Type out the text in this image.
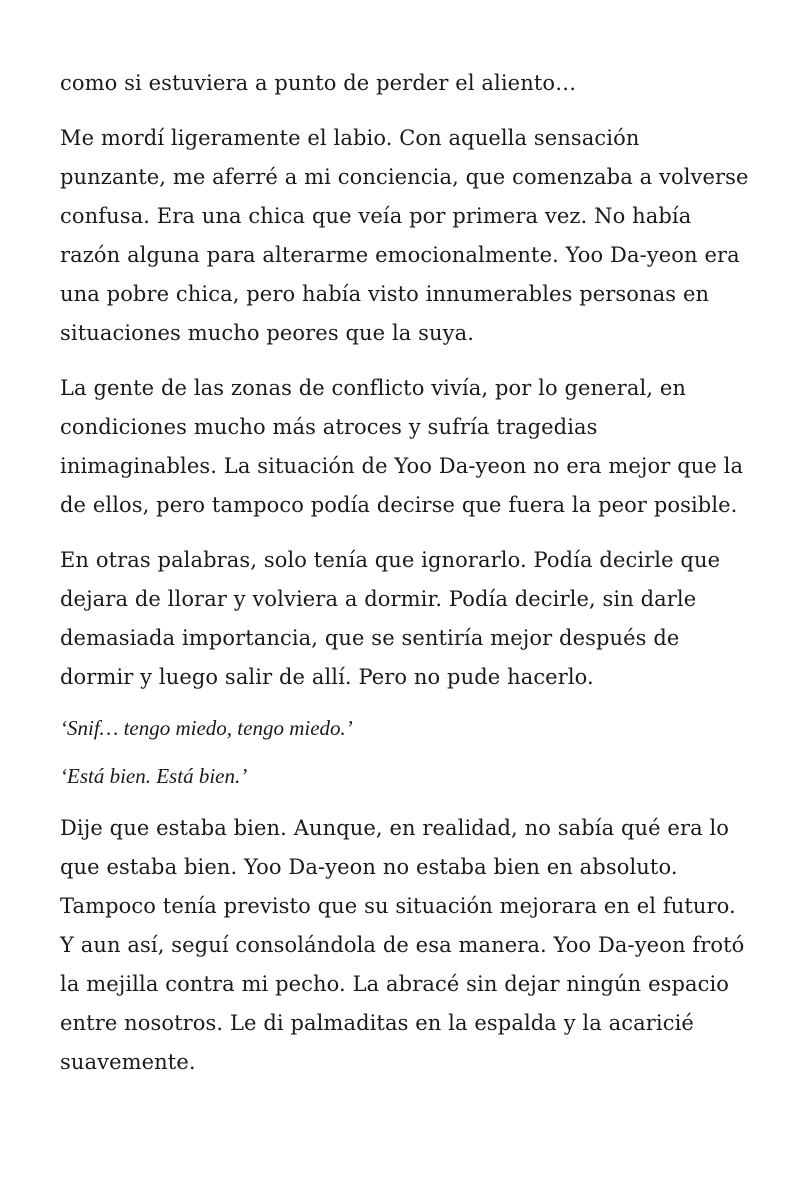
como si estuviera a punto de perder el aliento…

Me mordí ligeramente el labio. Con aquella sensación punzante, me aferré a mi conciencia, que comenzaba a volverse confusa. Era una chica que veía por primera vez. No había razón alguna para alterarme emocionalmente. Yoo Da-yeon era una pobre chica, pero había visto innumerables personas en situaciones mucho peores que la suya.

La gente de las zonas de conflicto vivía, por lo general, en condiciones mucho más atroces y sufría tragedias inimaginables. La situación de Yoo Da-yeon no era mejor que la de ellos, pero tampoco podía decirse que fuera la peor posible.

En otras palabras, solo tenía que ignorarlo. Podía decirle que dejara de llorar y volviera a dormir. Podía decirle, sin darle demasiada importancia, que se sentiría mejor después de dormir y luego salir de allí. Pero no pude hacerlo.

‘Snif… tengo miedo, tengo miedo.’

‘Está bien. Está bien.’

Dije que estaba bien. Aunque, en realidad, no sabía qué era lo que estaba bien. Yoo Da-yeon no estaba bien en absoluto. Tampoco tenía previsto que su situación mejorara en el futuro. Y aun así, seguí consolándola de esa manera. Yoo Da-yeon frotó la mejilla contra mi pecho. La abracé sin dejar ningún espacio entre nosotros. Le di palmaditas en la espalda y la acaricié suavemente.
